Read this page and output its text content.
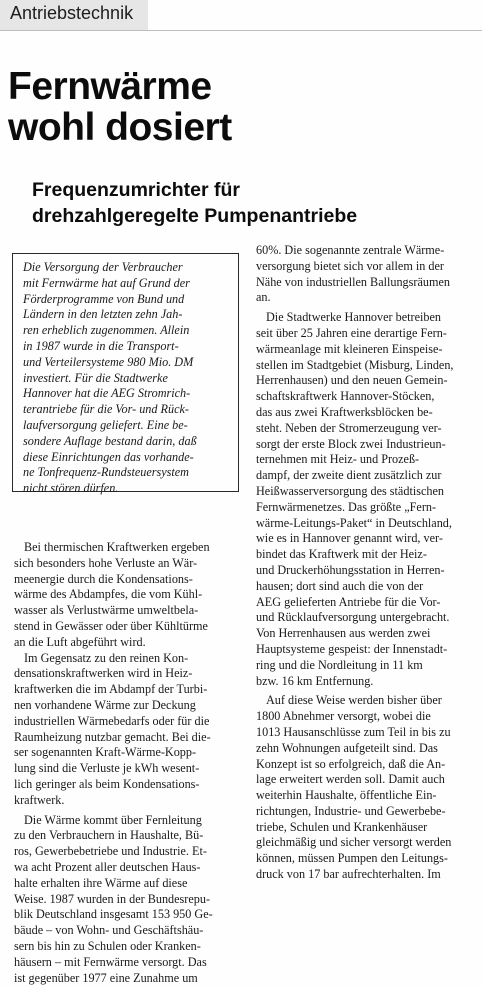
Antriebstechnik
Fernwärme
wohl dosiert
Frequenzumrichter für
drehzahlgeregelte Pumpenantriebe
Die Versorgung der Verbraucher
mit Fernwärme hat auf Grund der
Förderprogramme von Bund und
Ländern in den letzten zehn Jah-
ren erheblich zugenommen. Allein
in 1987 wurde in die Transport-
und Verteilersysteme 980 Mio. DM
investiert. Für die Stadtwerke
Hannover hat die AEG Stromrich-
terantriebe für die Vor- und Rück-
laufversorgung geliefert. Eine be-
sondere Auflage bestand darin, daß
diese Einrichtungen das vorhande-
ne Tonfrequenz-Rundsteuersystem
nicht stören dürfen.
Bei thermischen Kraftwerken ergeben
sich besonders hohe Verluste an Wär-
meenergie durch die Kondensations-
wärme des Abdampfes, die vom Kühl-
wasser als Verlustwärme umweltbela-
stend in Gewässer oder über Kühltürme
an die Luft abgeführt wird.
Im Gegensatz zu den reinen Kon-
densationskraftwerken wird in Heiz-
kraftwerken die im Abdampf der Turbi-
nen vorhandene Wärme zur Deckung
industriellen Wärmebedarfs oder für die
Raumheizung nutzbar gemacht. Bei die-
ser sogenannten Kraft-Wärme-Kopp-
lung sind die Verluste je kWh wesent-
lich geringer als beim Kondensations-
kraftwerk.
Die Wärme kommt über Fernleitung
zu den Verbrauchern in Haushalte, Bü-
ros, Gewerbebetriebe und Industrie. Et-
wa acht Prozent aller deutschen Haus-
halte erhalten ihre Wärme auf diese
Weise. 1987 wurden in der Bundesrepu-
blik Deutschland insgesamt 153 950 Ge-
bäude – von Wohn- und Geschäftshäu-
sern bis hin zu Schulen oder Kranken-
häusern – mit Fernwärme versorgt. Das
ist gegenüber 1977 eine Zunahme um
60%. Die sogenannte zentrale Wärme-
versorgung bietet sich vor allem in der
Nähe von industriellen Ballungsräumen
an.
Die Stadtwerke Hannover betreiben
seit über 25 Jahren eine derartige Fern-
wärmeanlage mit kleineren Einspeise-
stellen im Stadtgebiet (Misburg, Linden,
Herrenhausen) und den neuen Gemein-
schaftskraftwerk Hannover-Stöcken,
das aus zwei Kraftwerksblöcken be-
steht. Neben der Stromerzeugung ver-
sorgt der erste Block zwei Industrieun-
ternehmen mit Heiz- und Prozeß-
dampf, der zweite dient zusätzlich zur
Heißwasserversorgung des städtischen
Fernwärmenetzes. Das größte „Fern-
wärme-Leitungs-Paket“ in Deutschland,
wie es in Hannover genannt wird, ver-
bindet das Kraftwerk mit der Heiz-
und Druckerhöhungsstation in Herren-
hausen; dort sind auch die von der
AEG gelieferten Antriebe für die Vor-
und Rücklaufversorgung untergebracht.
Von Herrenhausen aus werden zwei
Hauptsysteme gespeist: der Innenstadt-
ring und die Nordleitung in 11 km
bzw. 16 km Entfernung.
Auf diese Weise werden bisher über
1800 Abnehmer versorgt, wobei die
1013 Hausanschlüsse zum Teil in bis zu
zehn Wohnungen aufgeteilt sind. Das
Konzept ist so erfolgreich, daß die An-
lage erweitert werden soll. Damit auch
weiterhin Haushalte, öffentliche Ein-
richtungen, Industrie- und Gewerbebe-
triebe, Schulen und Krankenhäuser
gleichmäßig und sicher versorgt werden
können, müssen Pumpen den Leitungs-
druck von 17 bar aufrechterhalten. Im
